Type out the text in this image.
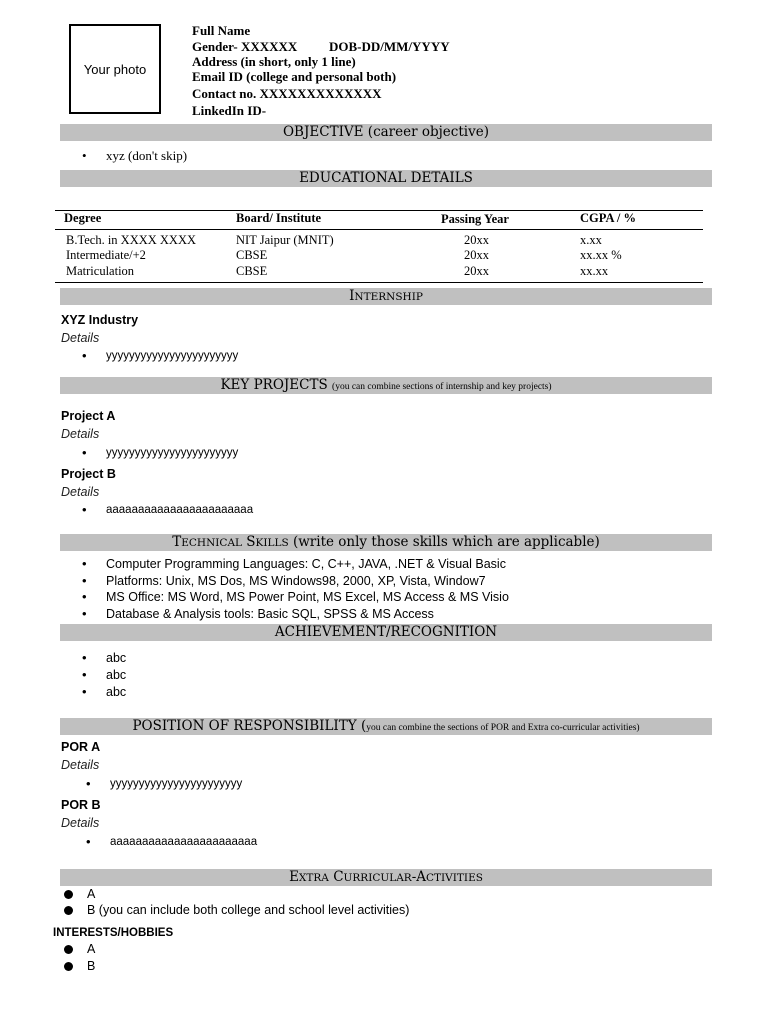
Your photo
Full Name
Gender- XXXXXX DOB-DD/MM/YYYY
Address (in short, only 1 line)
Email ID (college and personal both)
Contact no. XXXXXXXXXXXXX
LinkedIn ID-
OBJECTIVE (career objective)
• xyz (don't skip)
EDUCATIONAL DETAILS
Degree	Board/ Institute	Passing Year	CGPA / %
B.Tech. in XXXX XXXX	NIT Jaipur (MNIT)	20xx	x.xx
Intermediate/+2	CBSE	20xx	xx.xx %
Matriculation	CBSE	20xx	xx.xx
INTERNSHIP
XYZ Industry
Details
• yyyyyyyyyyyyyyyyyyyyyyy
KEY PROJECTS (you can combine sections of internship and key projects)
Project A
Details
• yyyyyyyyyyyyyyyyyyyyyyy
Project B
Details
• aaaaaaaaaaaaaaaaaaaaaaa
TECHNICAL SKILLS (write only those skills which are applicable)
• Computer Programming Languages: C, C++, JAVA, .NET & Visual Basic
• Platforms: Unix, MS Dos, MS Windows98, 2000, XP, Vista, Window7
• MS Office: MS Word, MS Power Point, MS Excel, MS Access & MS Visio
• Database & Analysis tools: Basic SQL, SPSS & MS Access
ACHIEVEMENT/RECOGNITION
• abc
• abc
• abc
POSITION OF RESPONSIBILITY (you can combine the sections of POR and Extra co-curricular activities)
POR A
Details
• yyyyyyyyyyyyyyyyyyyyyyy
POR B
Details
• aaaaaaaaaaaaaaaaaaaaaaa
EXTRA CURRICULAR-ACTIVITIES
A
B (you can include both college and school level activities)
INTERESTS/HOBBIES
A
B
